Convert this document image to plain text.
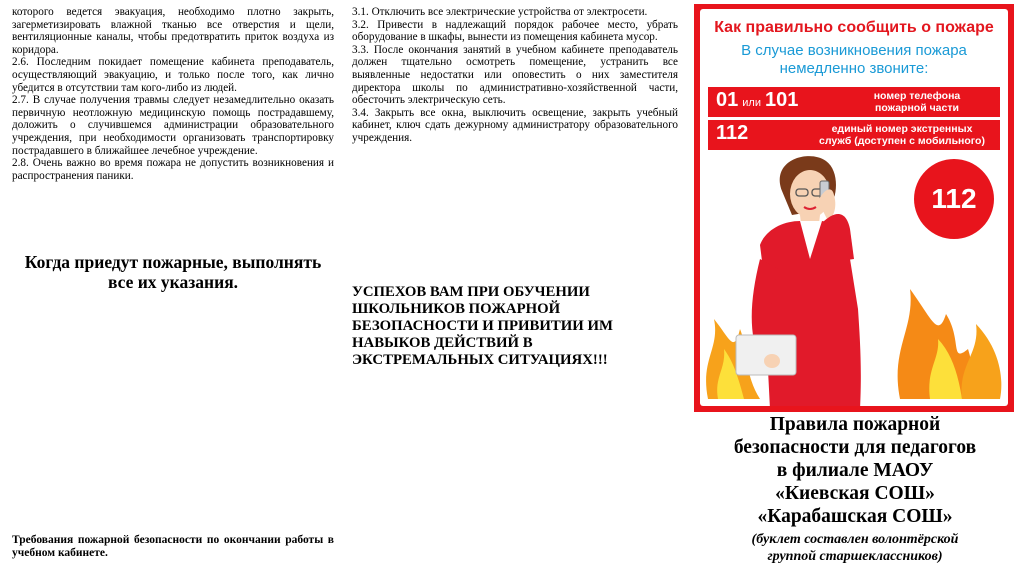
которого ведется эвакуация, необходимо плотно закрыть, загерметизировать влажной тканью все отверстия и щели, вентиляционные каналы, чтобы предотвратить приток воздуха из коридора.

2.6. Последним покидает помещение кабинета преподаватель, осуществляющий эвакуацию, и только после того, как лично убедится в отсутствии там кого-либо из людей.

2.7. В случае получения травмы следует незамедлительно оказать первичную неотложную медицинскую помощь пострадавшему, доложить о случившемся администрации образовательного учреждения, при необходимости организовать транспортировку пострадавшего в ближайшее лечебное учреждение.

2.8. Очень важно во время пожара не допустить возникновения и распространения паники.

Когда приедут пожарные, выполнять все их указания.
Требования пожарной безопасности по окончании работы в учебном кабинете.

3.1. Отключить все электрические устройства от электросети.

3.2. Привести в надлежащий порядок рабочее место, убрать оборудование в шкафы, вынести из помещения кабинета мусор.

3.3. После окончания занятий в учебном кабинете преподаватель должен тщательно осмотреть помещение, устранить все выявленные недостатки или оповестить о них заместителя директора школы по административно-хозяйственной части, обесточить электрическую сеть.

3.4. Закрыть все окна, выключить освещение, закрыть учебный кабинет, ключ сдать дежурному администратору образовательного учреждения.

УСПЕХОВ ВАМ ПРИ ОБУЧЕНИИ
ШКОЛЬНИКОВ ПОЖАРНОЙ
БЕЗОПАСНОСТИ И ПРИВИТИИ ИМ
НАВЫКОВ ДЕЙСТВИЙ В
ЭКСТРЕМАЛЬНЫХ СИТУАЦИЯХ!!!
Как правильно сообщить о пожаре
В случае возникновения пожара
немедленно звоните:
01 или 101	номер телефона
пожарной части
112	единый номер экстренных
служб (доступен с мобильного)
112
Правила пожарной
безопасности для педагогов
в филиале МАОУ
«Киевская СОШ»
«Карабашская СОШ»
(буклет составлен волонтёрской
группой старшеклассников)
